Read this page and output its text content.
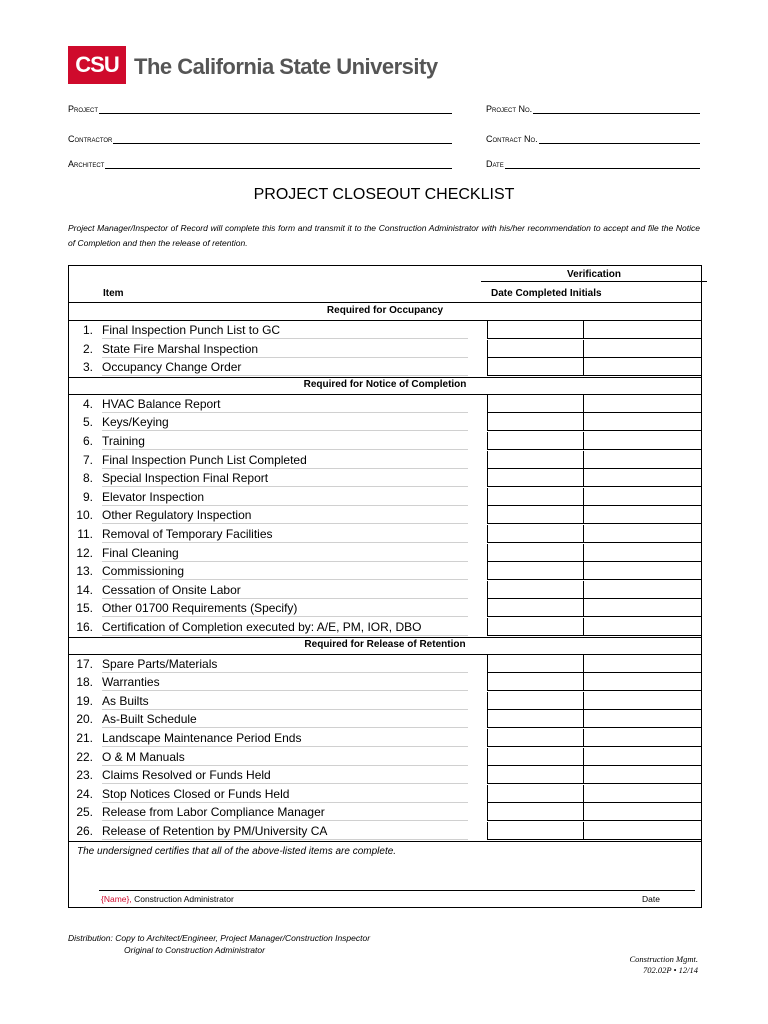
CSU The California State University
Project	Project No.
Contractor	Contract No.
Architect	Date
PROJECT CLOSEOUT CHECKLIST
Project Manager/Inspector of Record will complete this form and transmit it to the Construction Administrator with his/her recommendation to accept and file the Notice of Completion and then the release of retention.
Verification
Item	Date Completed Initials
Required for Occupancy
1. Final Inspection Punch List to GC
2. State Fire Marshal Inspection
3. Occupancy Change Order
Required for Notice of Completion
4. HVAC Balance Report
5. Keys/Keying
6. Training
7. Final Inspection Punch List Completed
8. Special Inspection Final Report
9. Elevator Inspection
10. Other Regulatory Inspection
11. Removal of Temporary Facilities
12. Final Cleaning
13. Commissioning
14. Cessation of Onsite Labor
15. Other 01700 Requirements (Specify)
16. Certification of Completion executed by: A/E, PM, IOR, DBO
Required for Release of Retention
17. Spare Parts/Materials
18. Warranties
19. As Builts
20. As-Built Schedule
21. Landscape Maintenance Period Ends
22. O & M Manuals
23. Claims Resolved or Funds Held
24. Stop Notices Closed or Funds Held
25. Release from Labor Compliance Manager
26. Release of Retention by PM/University CA
The undersigned certifies that all of the above-listed items are complete.
{Name}, Construction Administrator	Date
Distribution: Copy to Architect/Engineer, Project Manager/Construction Inspector
Original to Construction Administrator
Construction Mgmt.
702.02P • 12/14
